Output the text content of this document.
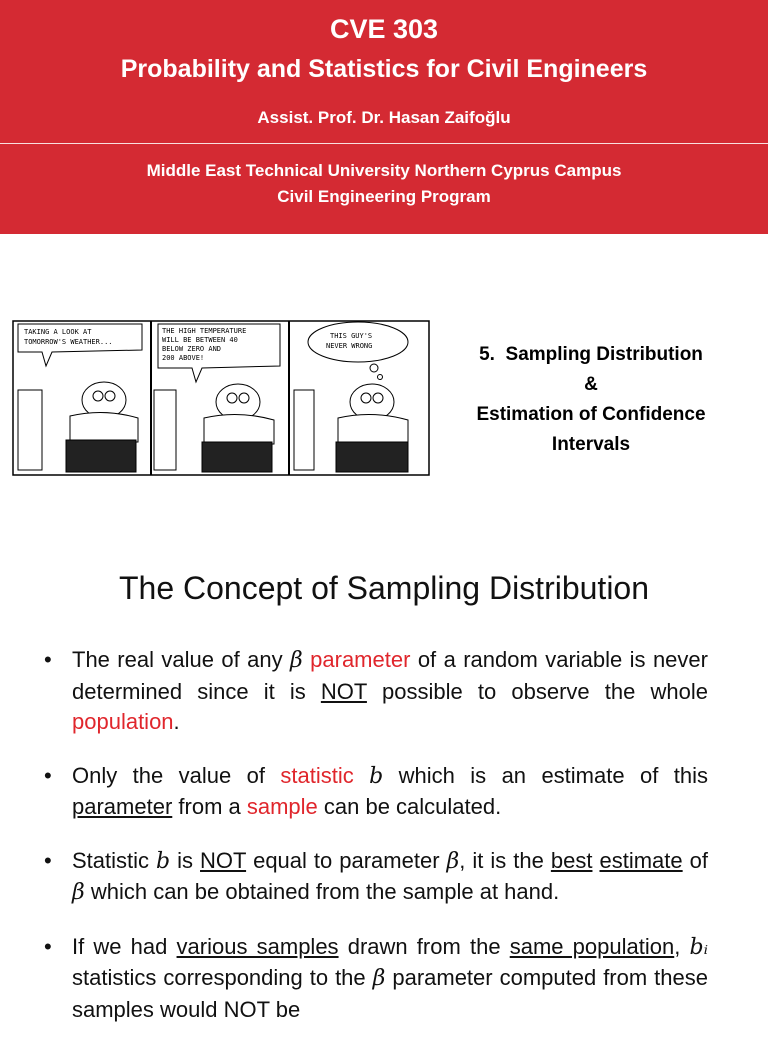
CVE 303
Probability and Statistics for Civil Engineers
Assist. Prof. Dr. Hasan Zaifoğlu
Middle East Technical University Northern Cyprus Campus
Civil Engineering Program
TAKING A LOOK AT TOMORROW'S WEATHER...
THE HIGH TEMPERATURE WILL BE BETWEEN 40 BELOW ZERO AND 200 ABOVE!
THIS GUY'S NEVER WRONG	5. Sampling Distribution
&
Estimation of Confidence
Intervals
The Concept of Sampling Distribution
• The real value of any β parameter of a random variable is never determined since it is NOT possible to observe the whole population.
• Only the value of statistic b which is an estimate of this parameter from a sample can be calculated.
• Statistic b is NOT equal to parameter β, it is the best estimate of β which can be obtained from the sample at hand.
• If we had various samples drawn from the same population, bᵢ statistics corresponding to the β parameter computed from these samples would NOT be
